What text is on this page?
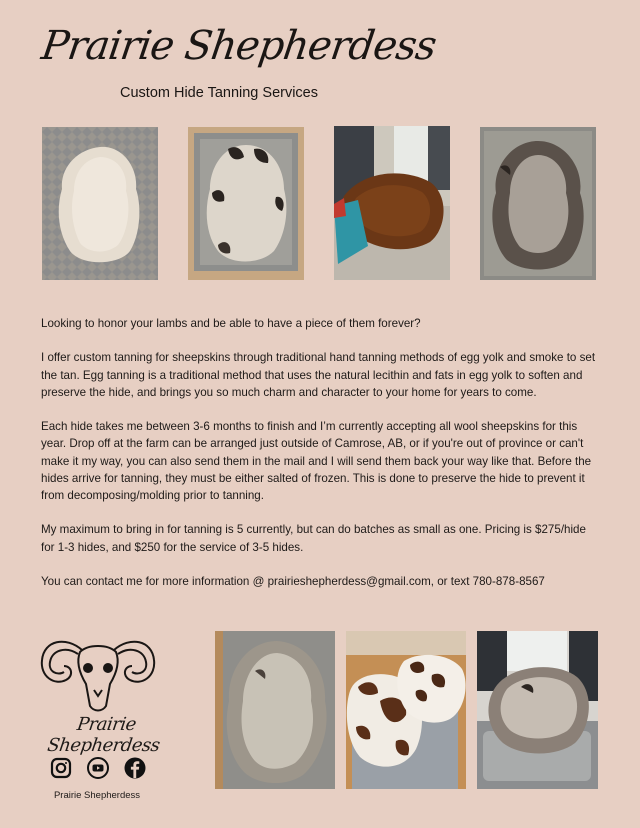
Prairie Shepherdess
Custom Hide Tanning Services

Looking to honor your lambs and be able to have a piece of them forever?

I offer custom tanning for sheepskins through traditional hand tanning methods of egg yolk and smoke to set the tan. Egg tanning is a traditional method that uses the natural lecithin and fats in egg yolk to soften and preserve the hide, and brings you so much charm and character to your home for years to come.

Each hide takes me between 3-6 months to finish and I’m currently accepting all wool sheepskins for this year. Drop off at the farm can be arranged just outside of Camrose, AB, or if you're out of province or can't make it my way, you can also send them in the mail and I will send them back your way like that. Before the hides arrive for tanning, they must be either salted of frozen. This is done to preserve the hide to prevent it from decomposing/molding prior to tanning.

My maximum to bring in for tanning is 5 currently, but can do batches as small as one. Pricing is $275/hide for 1-3 hides, and $250 for the service of 3-5 hides.

You can contact me for more information @ prairieshepherdess@gmail.com, or text 780-878-8567

Prairie Shepherdess
Prairie Shepherdess
